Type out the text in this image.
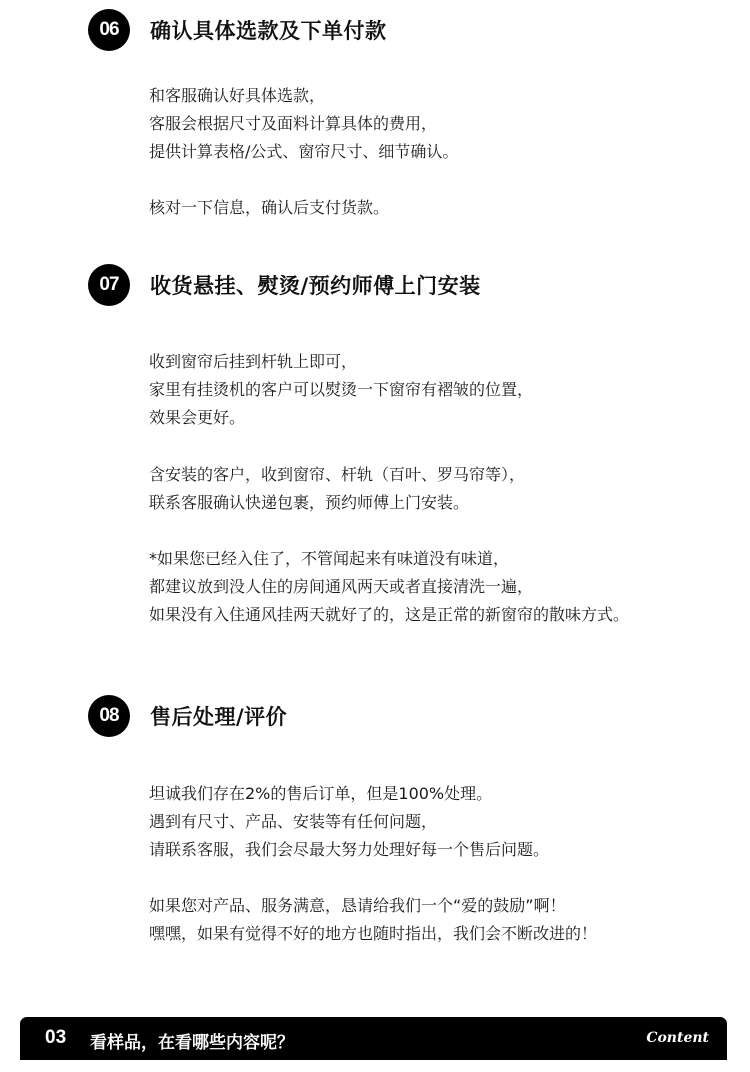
06	确认具体选款及下单付款
和客服确认好具体选款，
客服会根据尺寸及面料计算具体的费用，
提供计算表格/公式、窗帘尺寸、细节确认。
核对一下信息，确认后支付货款。
07	收货悬挂、熨烫/预约师傅上门安装
收到窗帘后挂到杆轨上即可，
家里有挂烫机的客户可以熨烫一下窗帘有褶皱的位置，
效果会更好。
含安装的客户，收到窗帘、杆轨（百叶、罗马帘等），
联系客服确认快递包裹，预约师傅上门安装。
*如果您已经入住了，不管闻起来有味道没有味道，
都建议放到没人住的房间通风两天或者直接清洗一遍，
如果没有入住通风挂两天就好了的，这是正常的新窗帘的散味方式。
08	售后处理/评价
坦诚我们存在2%的售后订单，但是100%处理。
遇到有尺寸、产品、安装等有任何问题，
请联系客服，我们会尽最大努力处理好每一个售后问题。
如果您对产品、服务满意，恳请给我们一个“爱的鼓励”啊！
嘿嘿，如果有觉得不好的地方也随时指出，我们会不断改进的！
03 看样品，在看哪些内容呢？	Content
